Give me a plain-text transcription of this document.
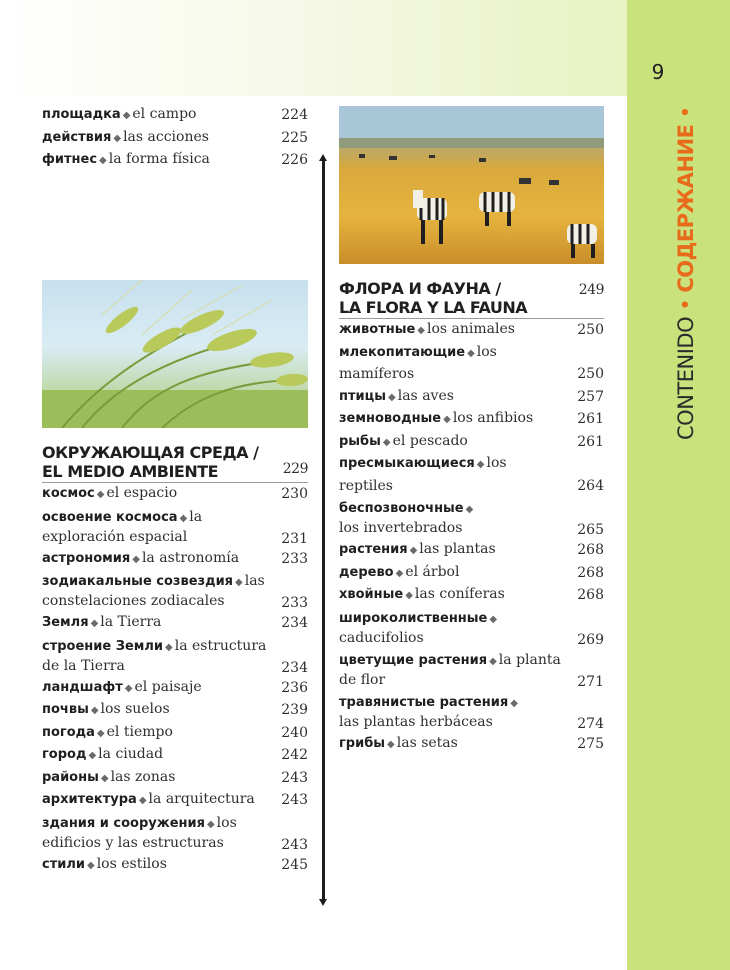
9
CONTENIDO • СОДЕРЖАНИЕ •
площадка ◆ el campo	224
действия ◆ las acciones	225
фитнес ◆ la forma física	226
ОКРУЖАЮЩАЯ СРЕДА /
EL MEDIO AMBIENTE	229
космос ◆ el espacio	230
освоение космоса ◆ la exploración espacial	231
астрономия ◆ la astronomía	233
зодиакальные созвездия ◆ las constelaciones zodiacales	233
Земля ◆ la Tierra	234
строение Земли ◆ la estructura de la Tierra	234
ландшафт ◆ el paisaje	236
почвы ◆ los suelos	239
погода ◆ el tiempo	240
город ◆ la ciudad	242
районы ◆ las zonas	243
архитектура ◆ la arquitectura	243
здания и сооружения ◆ los edificios y las estructuras	243
стили ◆ los estilos	245
ФЛОРА И ФАУНА /
LA FLORA Y LA FAUNA
249
животные ◆ los animales	250
млекопитающие ◆ los mamíferos	250
птицы ◆ las aves	257
земноводные ◆ los anfibios	261
рыбы ◆ el pescado	261
пресмыкающиеся ◆ los reptiles	264
беспозвоночные ◆
los invertebrados	265
растения ◆ las plantas	268
дерево ◆ el árbol	268
хвойные ◆ las coníferas	268
широколиственные ◆
caducifolios	269
цветущие растения ◆ la planta de flor	271
травянистые растения ◆
las plantas herbáceas	274
грибы ◆ las setas	275
